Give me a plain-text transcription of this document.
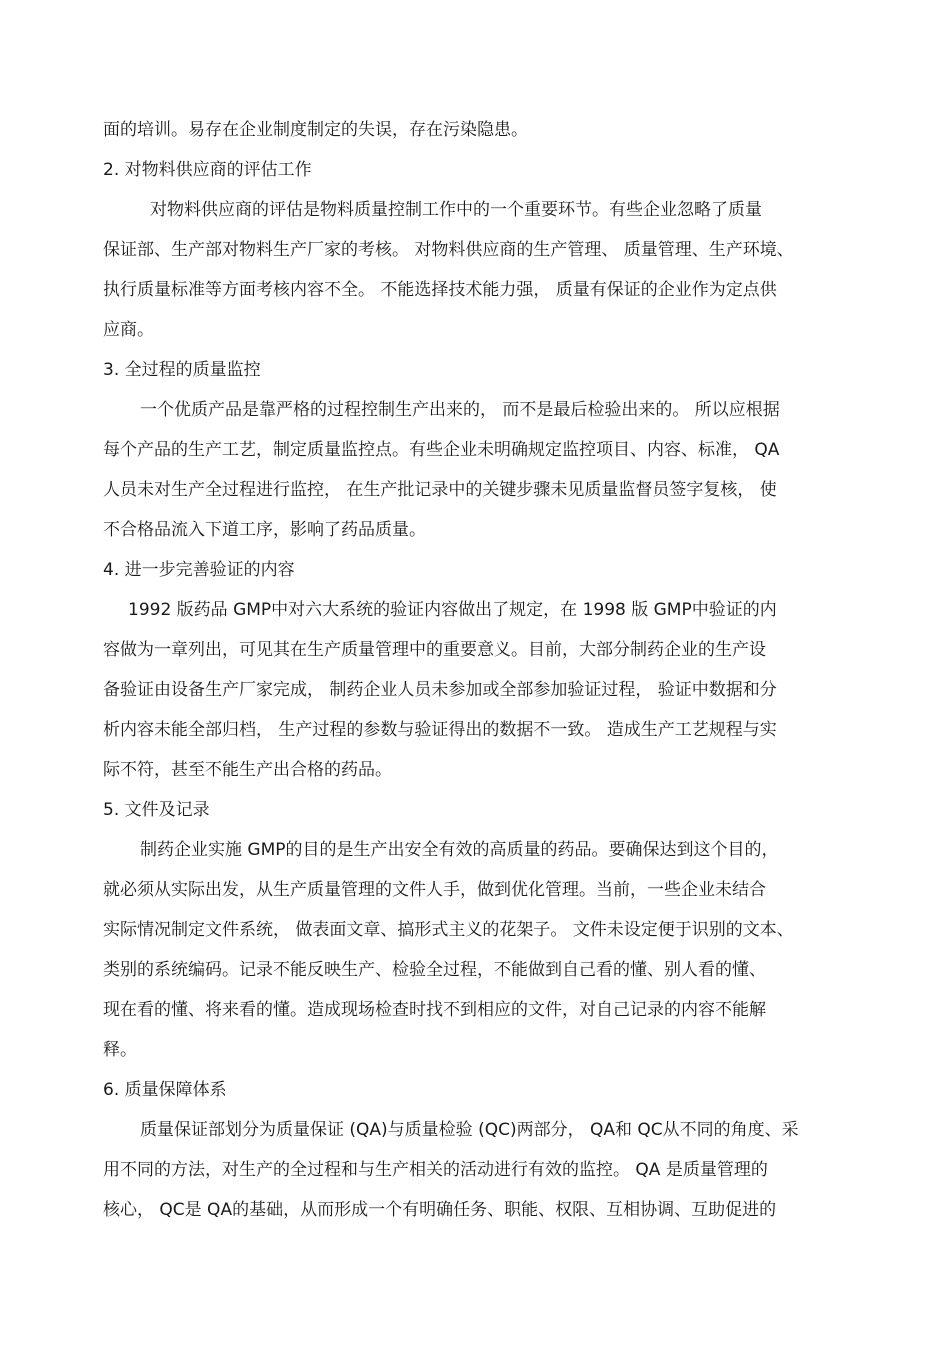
面的培训。易存在企业制度制定的失误，存在污染隐患。
2. 对物料供应商的评估工作
对物料供应商的评估是物料质量控制工作中的一个重要环节。有些企业忽略了质量
保证部、生产部对物料生产厂家的考核。 对物料供应商的生产管理、 质量管理、生产环境、
执行质量标准等方面考核内容不全。 不能选择技术能力强， 质量有保证的企业作为定点供
应商。
3. 全过程的质量监控
一个优质产品是靠严格的过程控制生产出来的， 而不是最后检验出来的。 所以应根据
每个产品的生产工艺，制定质量监控点。有些企业未明确规定监控项目、内容、标准， QA
人员未对生产全过程进行监控， 在生产批记录中的关键步骤未见质量监督员签字复核， 使
不合格品流入下道工序，影响了药品质量。
4. 进一步完善验证的内容
1992 版药品 GMP中对六大系统的验证内容做出了规定，在 1998 版 GMP中验证的内
容做为一章列出，可见其在生产质量管理中的重要意义。目前，大部分制药企业的生产设
备验证由设备生产厂家完成， 制药企业人员未参加或全部参加验证过程， 验证中数据和分
析内容未能全部归档， 生产过程的参数与验证得出的数据不一致。 造成生产工艺规程与实
际不符，甚至不能生产出合格的药品。
5. 文件及记录
制药企业实施 GMP的目的是生产出安全有效的高质量的药品。要确保达到这个目的，
就必须从实际出发，从生产质量管理的文件人手，做到优化管理。当前，一些企业未结合
实际情况制定文件系统， 做表面文章、搞形式主义的花架子。 文件未设定便于识别的文本、
类别的系统编码。记录不能反映生产、检验全过程，不能做到自己看的懂、别人看的懂、
现在看的懂、将来看的懂。造成现场检查时找不到相应的文件，对自己记录的内容不能解
释。
6. 质量保障体系
质量保证部划分为质量保证 (QA)与质量检验 (QC)两部分， QA和 QC从不同的角度、采
用不同的方法，对生产的全过程和与生产相关的活动进行有效的监控。 QA 是质量管理的
核心， QC是 QA的基础，从而形成一个有明确任务、职能、权限、互相协调、互助促进的
